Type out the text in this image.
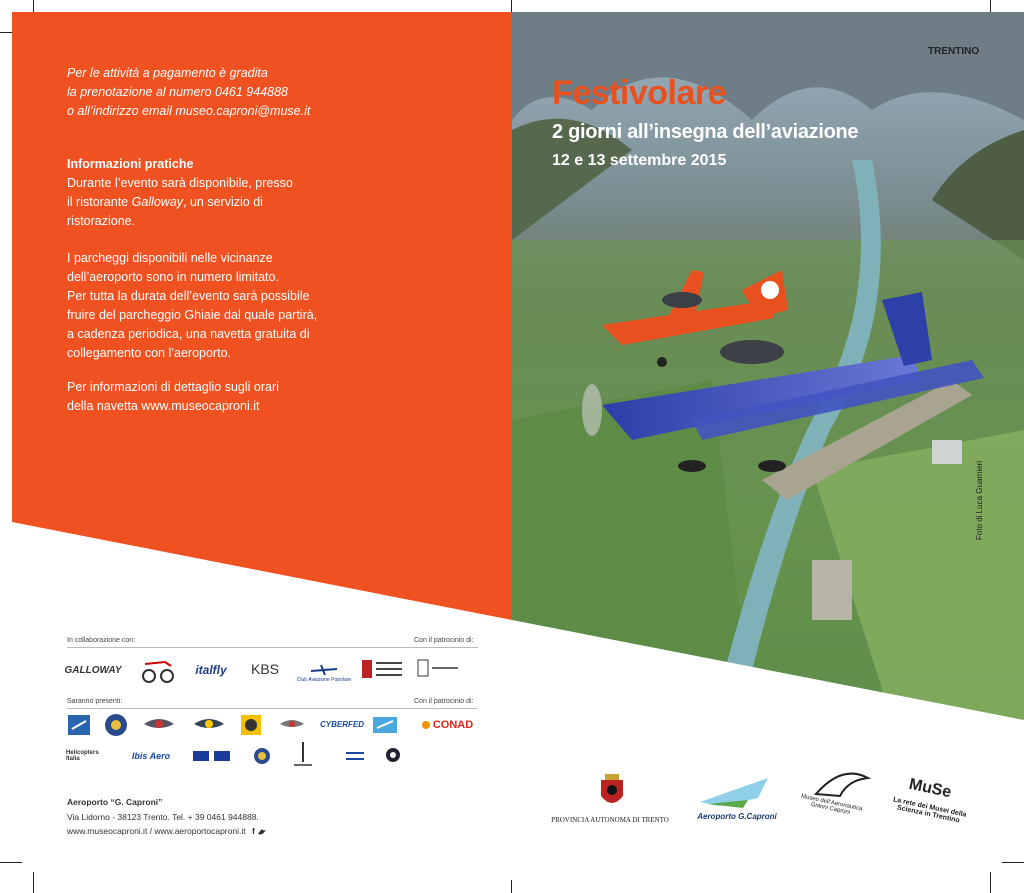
Per le attività a pagamento è gradita
la prenotazione al numero 0461 944888
o all’indirizzo email museo.caproni@muse.it
Informazioni pratiche
Durante l’evento sarà disponibile, presso
il ristorante Galloway, un servizio di
ristorazione.
I parcheggi disponibili nelle vicinanze
dell’aeroporto sono in numero limitato.
Per tutta la durata dell’evento sarà possibile
fruire del parcheggio Ghiaie dal quale partirà,
a cadenza periodica, una navetta gratuita di
collegamento con l’aeroporto.
Per informazioni di dettaglio sugli orari
della navetta www.museocaproni.it
In collaborazione con:	Con il patrocinio di:
GALLOWAY	italfly	KBS
Club Aviazione Popolare
Saranno presenti:	Con il patrocinio di:
CYBERFED	CONAD
Helicopters Italia	Ibis Aero
Aeroporto “G. Caproni”
Via Lidorno - 38123 Trento. Tel. + 39 0461 944888.
www.museocaproni.it / www.aeroportocaproni.it f
TRENTINO
Festivolare
2 giorni all’insegna dell’aviazione
12 e 13 settembre 2015
Foto di Luca Guarnieri
PROVINCIA AUTONOMA DI TRENTO	Aeroporto G.Caproni
Museo dell’Aeronautica Gianni Caproni
MuSe
La rete dei Musei della Scienza in Trentino
